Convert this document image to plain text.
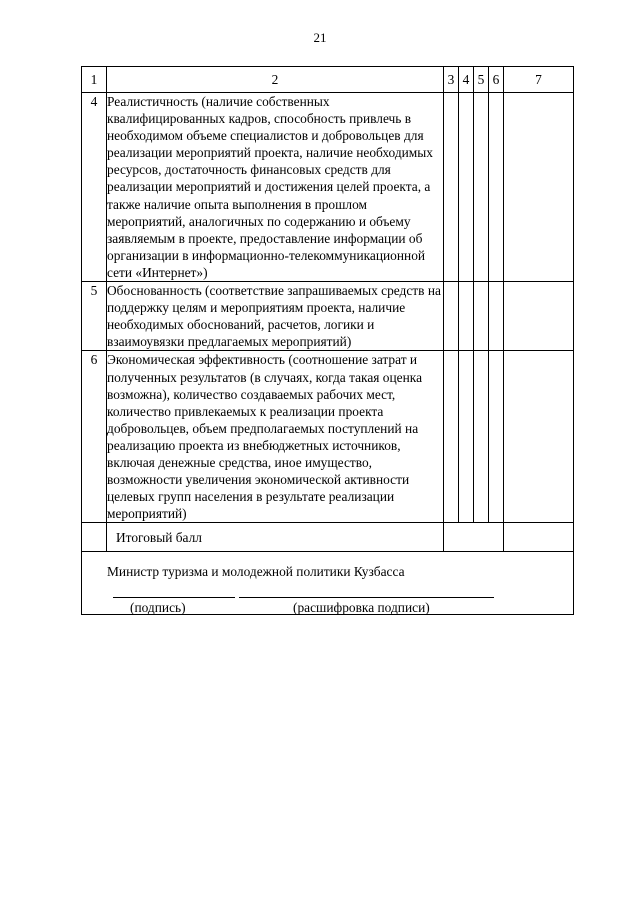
21
1	2	3	4	5	6	7
4	Реалистичность (наличие собственных квалифицированных кадров, способность привлечь в необходимом объеме специалистов и добровольцев для реализации мероприятий проекта, наличие необходимых ресурсов, достаточность финансовых средств для реализации мероприятий и достижения целей проекта, а также наличие опыта выполнения в прошлом мероприятий, аналогичных по содержанию и объему заявляемым в проекте, предоставление информации об организации в информационно-телекоммуникационной сети «Интернет»)					
5	Обоснованность (соответствие запрашиваемых средств на поддержку целям и мероприятиям проекта, наличие необходимых обоснований, расчетов, логики и взаимоувязки предлагаемых мероприятий)					
6	Экономическая эффективность (соотношение затрат и полученных результатов (в случаях, когда такая оценка возможна), количество создаваемых рабочих мест, количество привлекаемых к реализации проекта добровольцев, объем предполагаемых поступлений на реализацию проекта из внебюджетных источников, включая денежные средства, иное имущество, возможности увеличения экономической активности целевых групп населения в результате реализации мероприятий)					
	Итоговый балл					

Министр туризма и молодежной политики Кузбасса
(подпись) (расшифровка подписи)						
